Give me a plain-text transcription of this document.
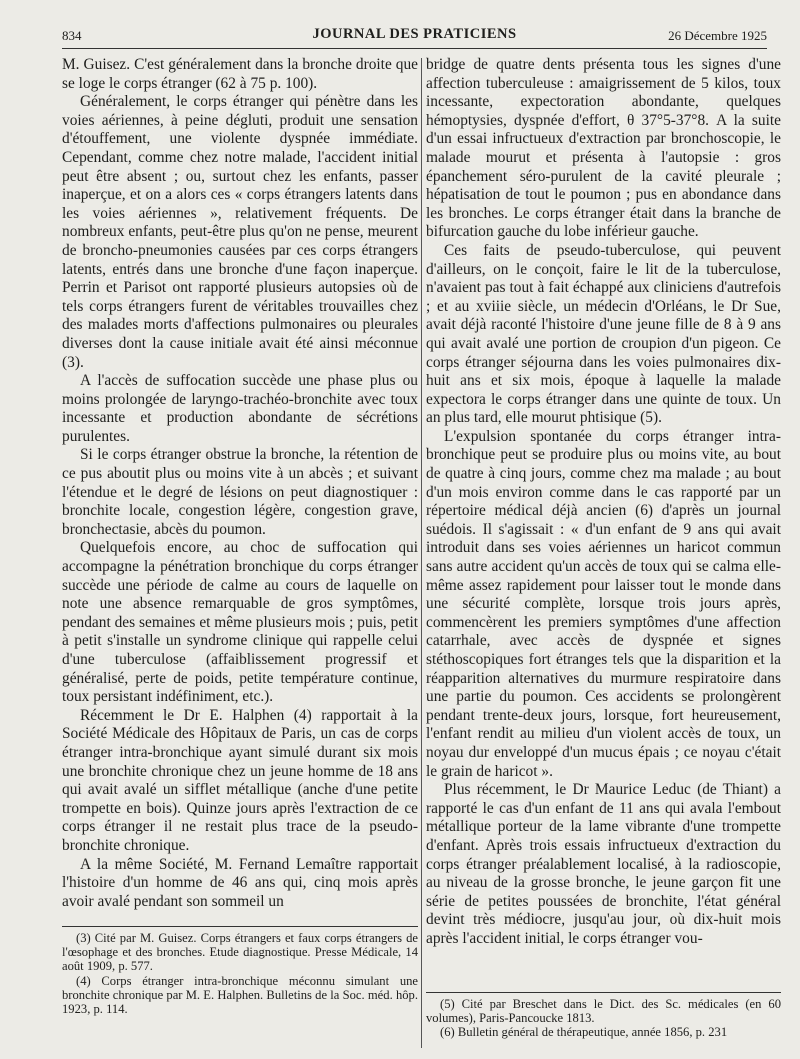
834	JOURNAL DES PRATICIENS	26 Décembre 1925

M. Guisez. C'est généralement dans la bronche droite que se loge le corps étranger (62 à 75 p. 100).

Généralement, le corps étranger qui pénètre dans les voies aériennes, à peine dégluti, produit une sensation d'étouffement, une violente dyspnée immédiate. Cependant, comme chez notre malade, l'accident initial peut être absent ; ou, surtout chez les enfants, passer inaperçue, et on a alors ces « corps étrangers latents dans les voies aériennes », relativement fréquents. De nombreux enfants, peut-être plus qu'on ne pense, meurent de broncho-pneumonies causées par ces corps étrangers latents, entrés dans une bronche d'une façon inaperçue. Perrin et Parisot ont rapporté plusieurs autopsies où de tels corps étrangers furent de véritables trouvailles chez des malades morts d'affections pulmonaires ou pleurales diverses dont la cause initiale avait été ainsi méconnue (3).

A l'accès de suffocation succède une phase plus ou moins prolongée de laryngo-trachéo-bronchite avec toux incessante et production abondante de sécrétions purulentes.

Si le corps étranger obstrue la bronche, la rétention de ce pus aboutit plus ou moins vite à un abcès ; et suivant l'étendue et le degré de lésions on peut diagnostiquer : bronchite locale, congestion légère, congestion grave, bronchectasie, abcès du poumon.

Quelquefois encore, au choc de suffocation qui accompagne la pénétration bronchique du corps étranger succède une période de calme au cours de laquelle on note une absence remarquable de gros symptômes, pendant des semaines et même plusieurs mois ; puis, petit à petit s'installe un syndrome clinique qui rappelle celui d'une tuberculose (affaiblissement progressif et généralisé, perte de poids, petite température continue, toux persistant indéfiniment, etc.).

Récemment le Dr E. Halphen (4) rapportait à la Société Médicale des Hôpitaux de Paris, un cas de corps étranger intra-bronchique ayant simulé durant six mois une bronchite chronique chez un jeune homme de 18 ans qui avait avalé un sifflet métallique (anche d'une petite trompette en bois). Quinze jours après l'extraction de ce corps étranger il ne restait plus trace de la pseudo-bronchite chronique.

A la même Société, M. Fernand Lemaître rapportait l'histoire d'un homme de 46 ans qui, cinq mois après avoir avalé pendant son sommeil un

bridge de quatre dents présenta tous les signes d'une affection tuberculeuse : amaigrissement de 5 kilos, toux incessante, expectoration abondante, quelques hémoptysies, dyspnée d'effort, θ 37°5-37°8. A la suite d'un essai infructueux d'extraction par bronchoscopie, le malade mourut et présenta à l'autopsie : gros épanchement séro-purulent de la cavité pleurale ; hépatisation de tout le poumon ; pus en abondance dans les bronches. Le corps étranger était dans la branche de bifurcation gauche du lobe inférieur gauche.

Ces faits de pseudo-tuberculose, qui peuvent d'ailleurs, on le conçoit, faire le lit de la tuberculose, n'avaient pas tout à fait échappé aux cliniciens d'autrefois ; et au xviiie siècle, un médecin d'Orléans, le Dr Sue, avait déjà raconté l'histoire d'une jeune fille de 8 à 9 ans qui avait avalé une portion de croupion d'un pigeon. Ce corps étranger séjourna dans les voies pulmonaires dix-huit ans et six mois, époque à laquelle la malade expectora le corps étranger dans une quinte de toux. Un an plus tard, elle mourut phtisique (5).

L'expulsion spontanée du corps étranger intra-bronchique peut se produire plus ou moins vite, au bout de quatre à cinq jours, comme chez ma malade ; au bout d'un mois environ comme dans le cas rapporté par un répertoire médical déjà ancien (6) d'après un journal suédois. Il s'agissait : « d'un enfant de 9 ans qui avait introduit dans ses voies aériennes un haricot commun sans autre accident qu'un accès de toux qui se calma elle-même assez rapidement pour laisser tout le monde dans une sécurité complète, lorsque trois jours après, commencèrent les premiers symptômes d'une affection catarrhale, avec accès de dyspnée et signes stéthoscopiques fort étranges tels que la disparition et la réapparition alternatives du murmure respiratoire dans une partie du poumon. Ces accidents se prolongèrent pendant trente-deux jours, lorsque, fort heureusement, l'enfant rendit au milieu d'un violent accès de toux, un noyau dur enveloppé d'un mucus épais ; ce noyau c'était le grain de haricot ».

Plus récemment, le Dr Maurice Leduc (de Thiant) a rapporté le cas d'un enfant de 11 ans qui avala l'embout métallique porteur de la lame vibrante d'une trompette d'enfant. Après trois essais infructueux d'extraction du corps étranger préalablement localisé, à la radioscopie, au niveau de la grosse bronche, le jeune garçon fit une série de petites poussées de bronchite, l'état général devint très médiocre, jusqu'au jour, où dix-huit mois après l'accident initial, le corps étranger vou-

(3) Cité par M. Guisez. Corps étrangers et faux corps étrangers de l'œsophage et des bronches. Etude diagnostique. Presse Médicale, 14 août 1909, p. 577.

(4) Corps étranger intra-bronchique méconnu simulant une bronchite chronique par M. E. Halphen. Bulletins de la Soc. méd. hôp. 1923, p. 114.	(5) Cité par Breschet dans le Dict. des Sc. médicales (en 60 volumes), Paris-Pancoucke 1813.

(6) Bulletin général de thérapeutique, année 1856, p. 231
